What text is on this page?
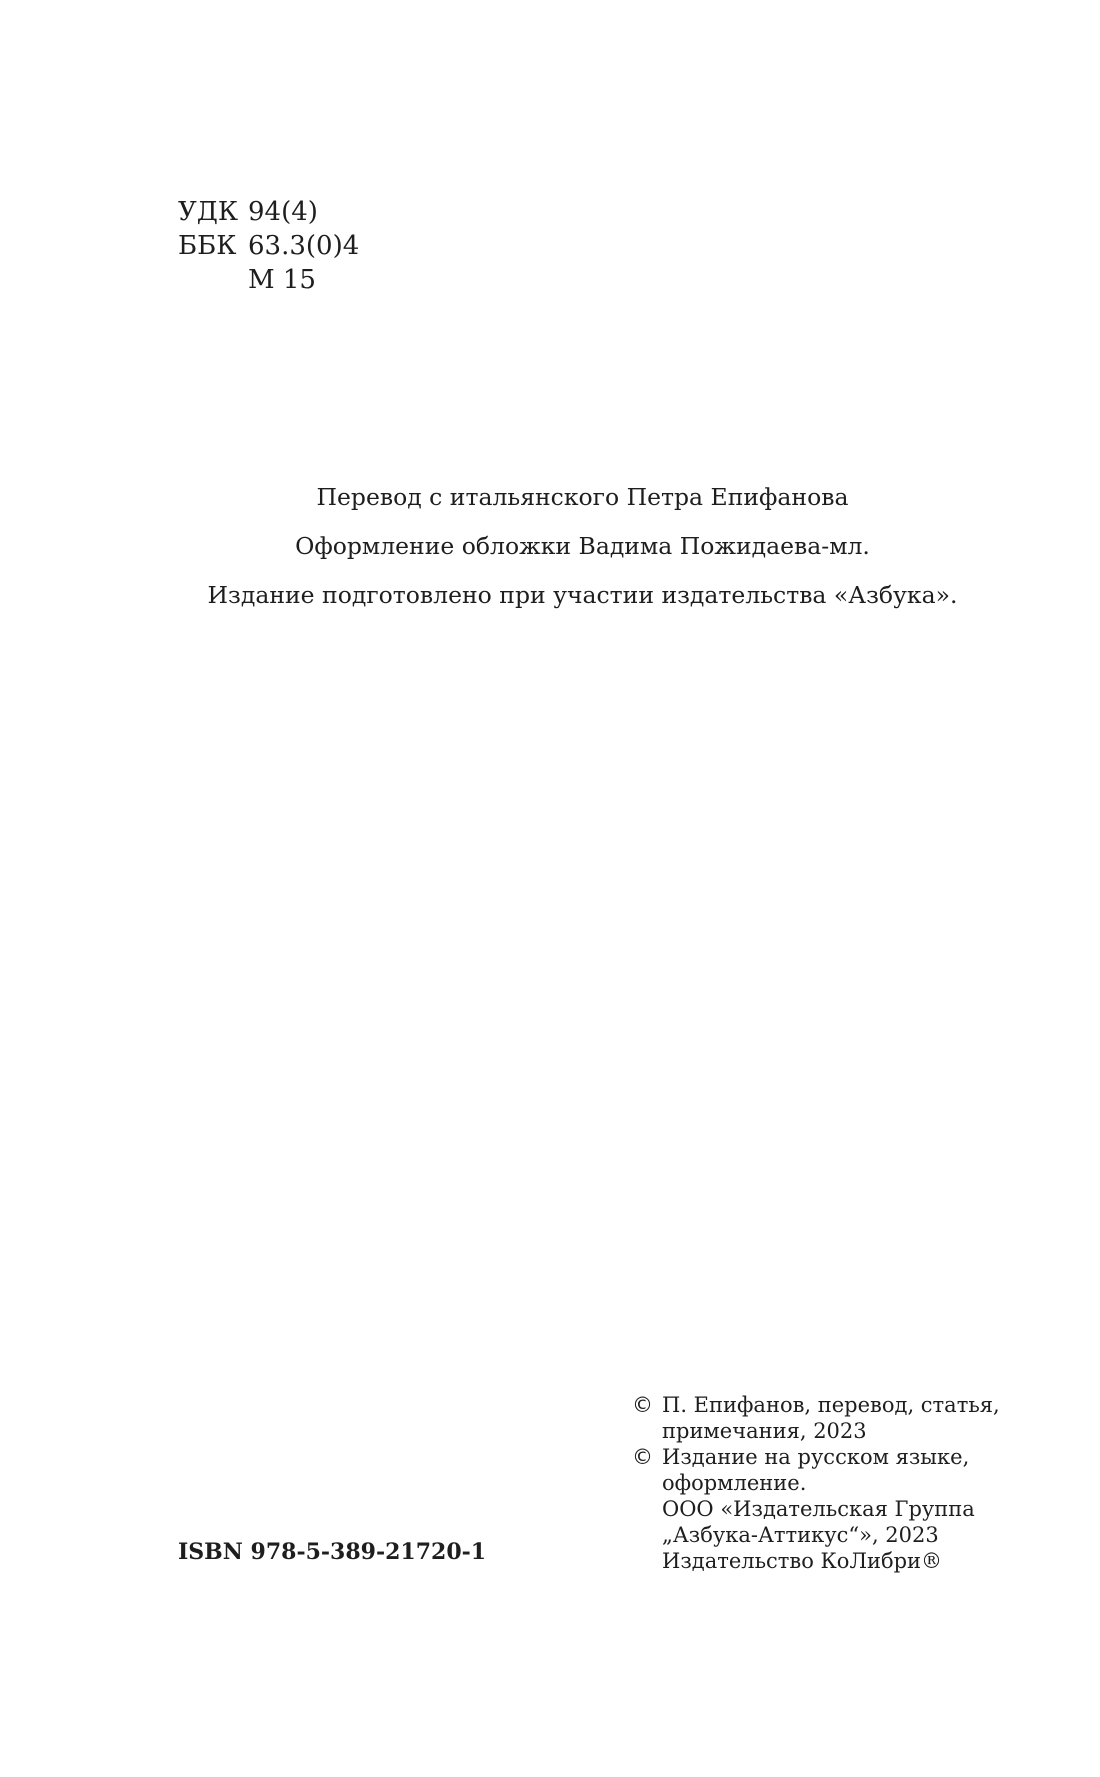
УДК 94(4)
ББК 63.3(0)4
М 15
Перевод с итальянского Петра Епифанова
Оформление обложки Вадима Пожидаева-мл.
Издание подготовлено при участии издательства «Азбука».
ISBN 978-5-389-21720-1
© П. Епифанов, перевод, статья,
примечания, 2023
© Издание на русском языке,
оформление.
ООО «Издательская Группа
„Азбука-Аттикус“», 2023
Издательство КоЛибри®
